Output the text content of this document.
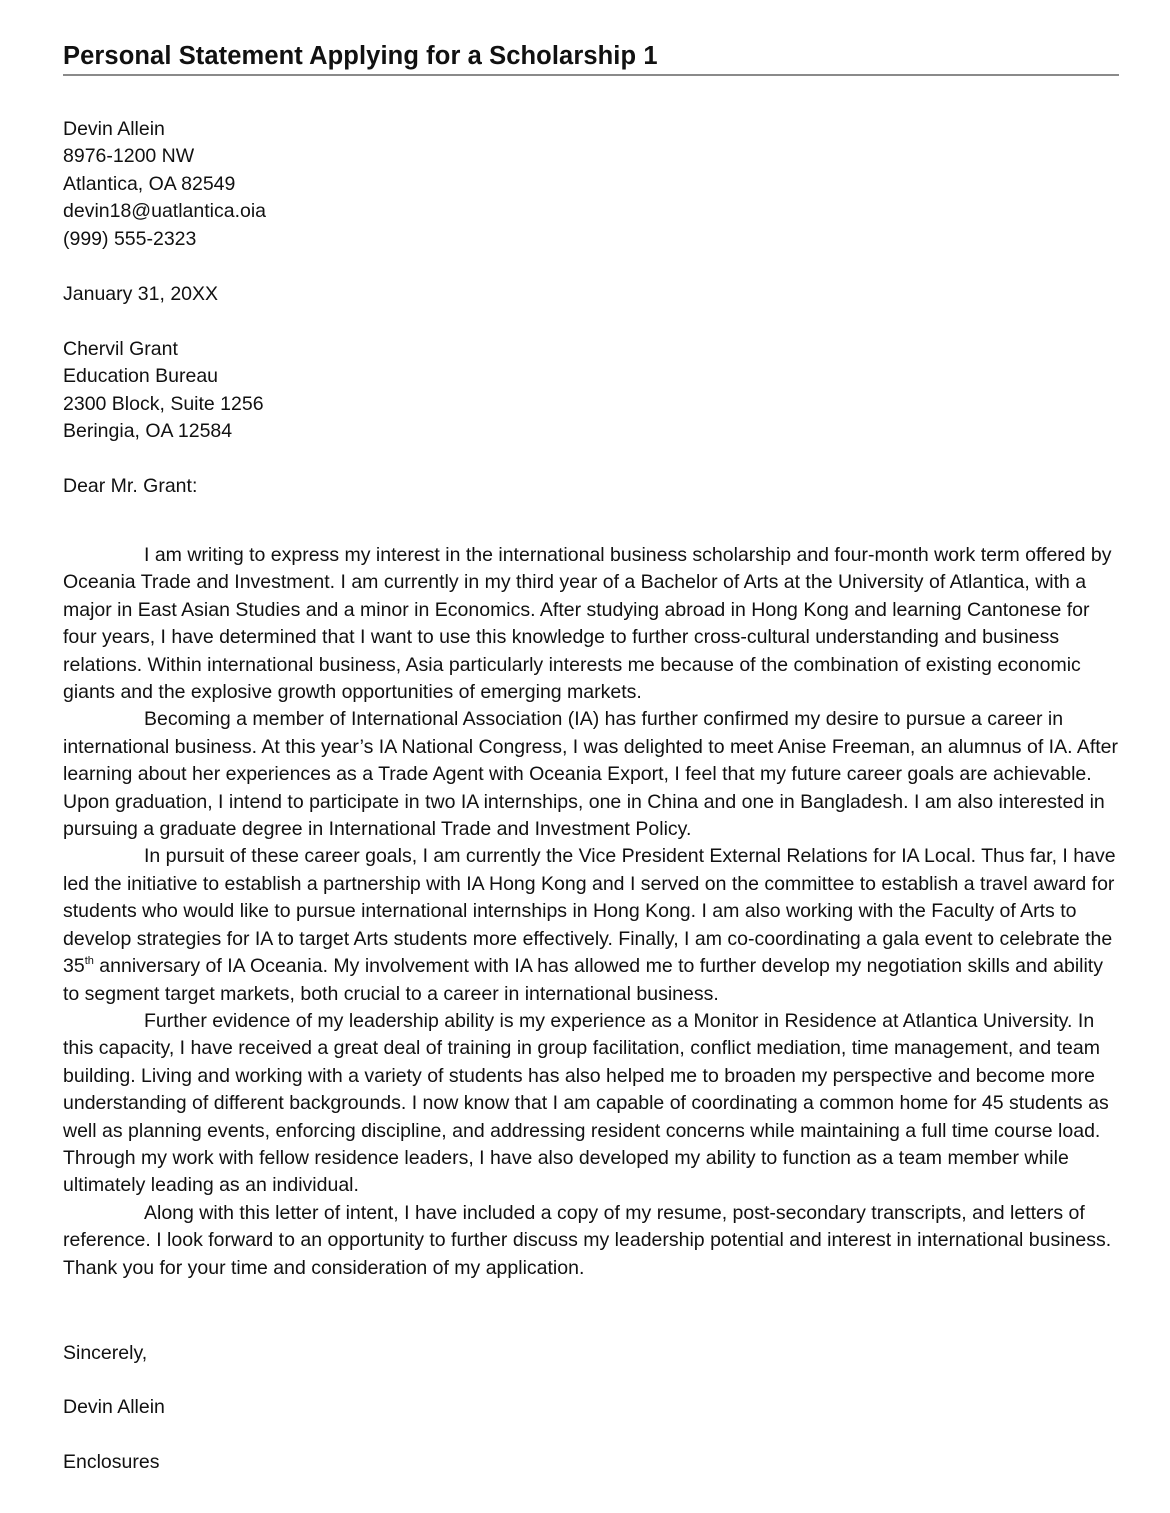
Personal Statement Applying for a Scholarship 1

Devin Allein

8976-1200 NW

Atlantica, OA 82549

devin18@uatlantica.oia

(999) 555-2323

January 31, 20XX

Chervil Grant

Education Bureau

2300 Block, Suite 1256

Beringia, OA 12584

Dear Mr. Grant:

I am writing to express my interest in the international business scholarship and four-month work term offered by Oceania Trade and Investment. I am currently in my third year of a Bachelor of Arts at the University of Atlantica, with a major in East Asian Studies and a minor in Economics. After studying abroad in Hong Kong and learning Cantonese for four years, I have determined that I want to use this knowledge to further cross-cultural understanding and business relations. Within international business, Asia particularly interests me because of the combination of existing economic giants and the explosive growth opportunities of emerging markets.

Becoming a member of International Association (IA) has further confirmed my desire to pursue a career in international business. At this year’s IA National Congress, I was delighted to meet Anise Freeman, an alumnus of IA. After learning about her experiences as a Trade Agent with Oceania Export, I feel that my future career goals are achievable. Upon graduation, I intend to participate in two IA internships, one in China and one in Bangladesh. I am also interested in pursuing a graduate degree in International Trade and Investment Policy.

In pursuit of these career goals, I am currently the Vice President External Relations for IA Local. Thus far, I have led the initiative to establish a partnership with IA Hong Kong and I served on the committee to establish a travel award for students who would like to pursue international internships in Hong Kong. I am also working with the Faculty of Arts to develop strategies for IA to target Arts students more effectively. Finally, I am co-coordinating a gala event to celebrate the 35th anniversary of IA Oceania. My involvement with IA has allowed me to further develop my negotiation skills and ability to segment target markets, both crucial to a career in international business.

Further evidence of my leadership ability is my experience as a Monitor in Residence at Atlantica University. In this capacity, I have received a great deal of training in group facilitation, conflict mediation, time management, and team building. Living and working with a variety of students has also helped me to broaden my perspective and become more understanding of different backgrounds. I now know that I am capable of coordinating a common home for 45 students as well as planning events, enforcing discipline, and addressing resident concerns while maintaining a full time course load. Through my work with fellow residence leaders, I have also developed my ability to function as a team member while ultimately leading as an individual.

Along with this letter of intent, I have included a copy of my resume, post-secondary transcripts, and letters of reference. I look forward to an opportunity to further discuss my leadership potential and interest in international business. Thank you for your time and consideration of my application.

Sincerely,

Devin Allein

Enclosures
